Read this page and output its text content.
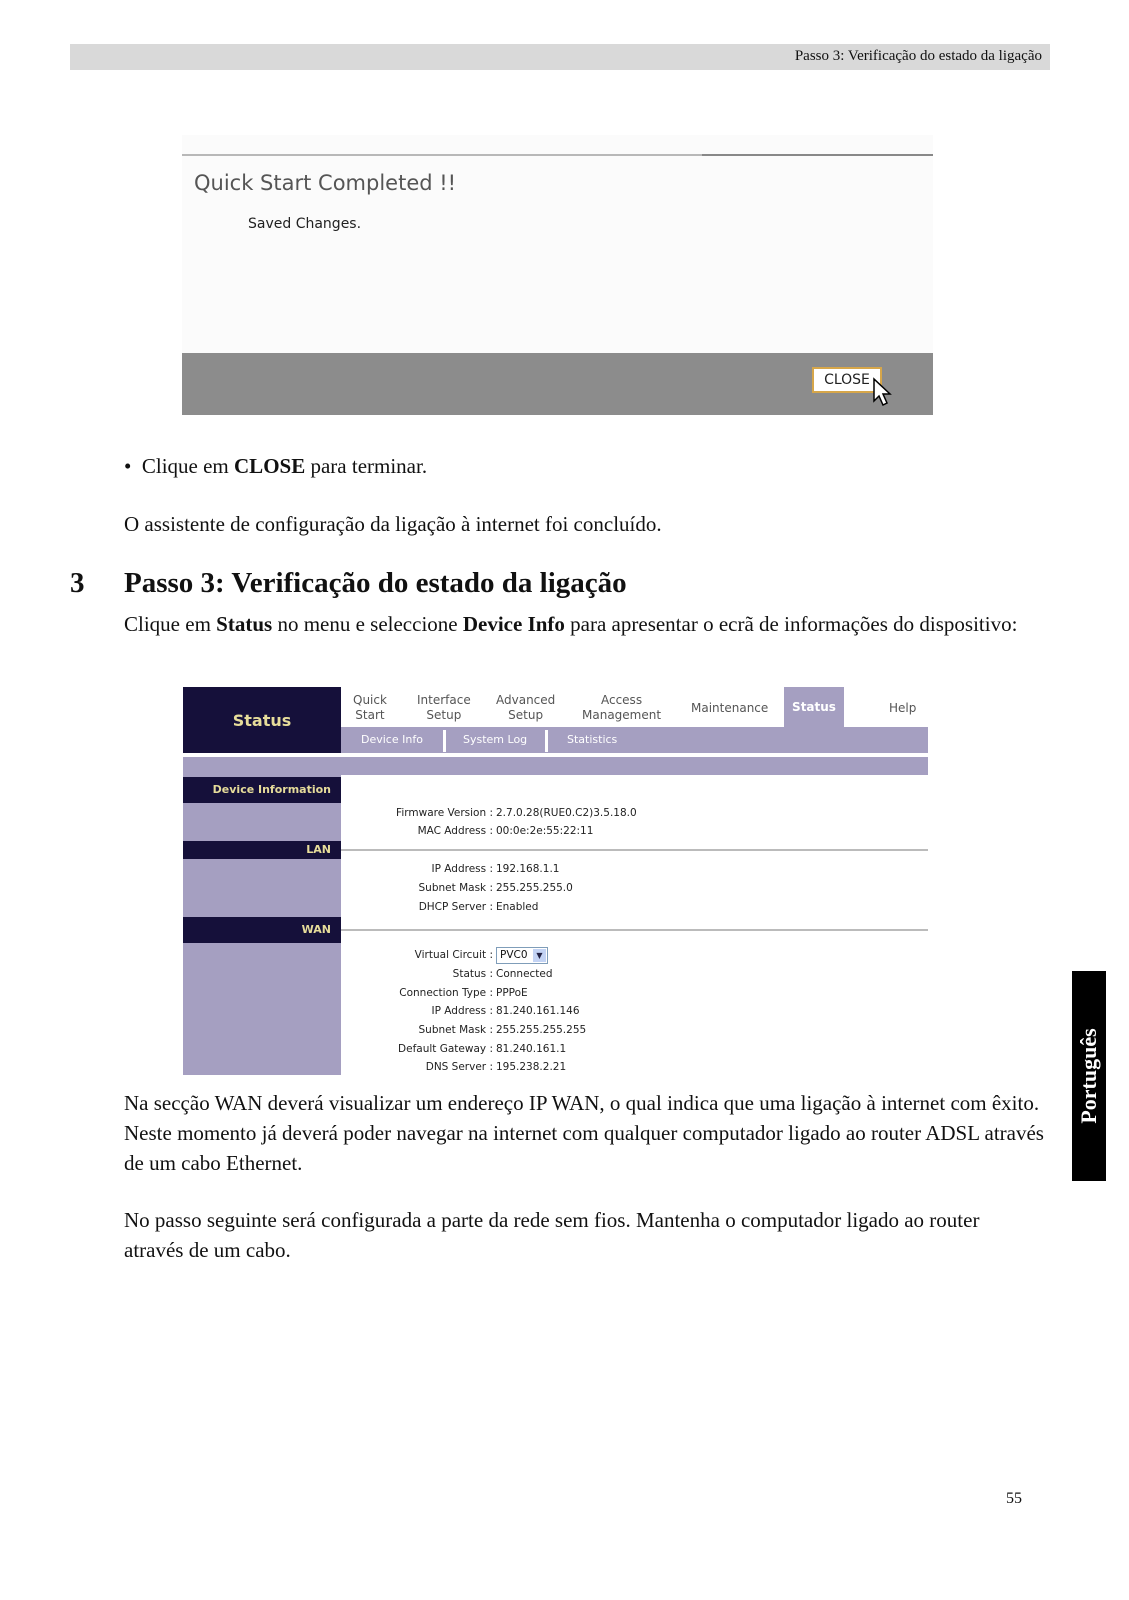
Passo 3: Verificação do estado da ligação
Quick Start Completed !!
Saved Changes.
CLOSE
•  Clique em CLOSE para terminar.
O assistente de configuração da ligação à internet foi concluído.
3 Passo 3: Verificação do estado da ligação
Clique em Status no menu e seleccione Device Info para apresentar o ecrã de informações do dispositivo:
Status
Quick
Start
Interface
Setup
Advanced
Setup
Access
Management Maintenance	Status	Help
Device Info	System Log	Statistics
Device Information
LAN
WAN
Firmware Version : 2.7.0.28(RUE0.C2)3.5.18.0
MAC Address : 00:0e:2e:55:22:11
IP Address : 192.168.1.1
Subnet Mask : 255.255.255.0
DHCP Server : Enabled
Virtual Circuit : PVC0	▼
Status : Connected
Connection Type : PPPoE
IP Address : 81.240.161.146
Subnet Mask : 255.255.255.255
Default Gateway : 81.240.161.1
DNS Server : 195.238.2.21
Na secção WAN deverá visualizar um endereço IP WAN, o qual indica que uma ligação à internet com êxito. Neste momento já deverá poder navegar na internet com qualquer computador ligado ao router ADSL através de um cabo Ethernet.
No passo seguinte será configurada a parte da rede sem fios. Mantenha o computador ligado ao router através de um cabo.
Português
55
